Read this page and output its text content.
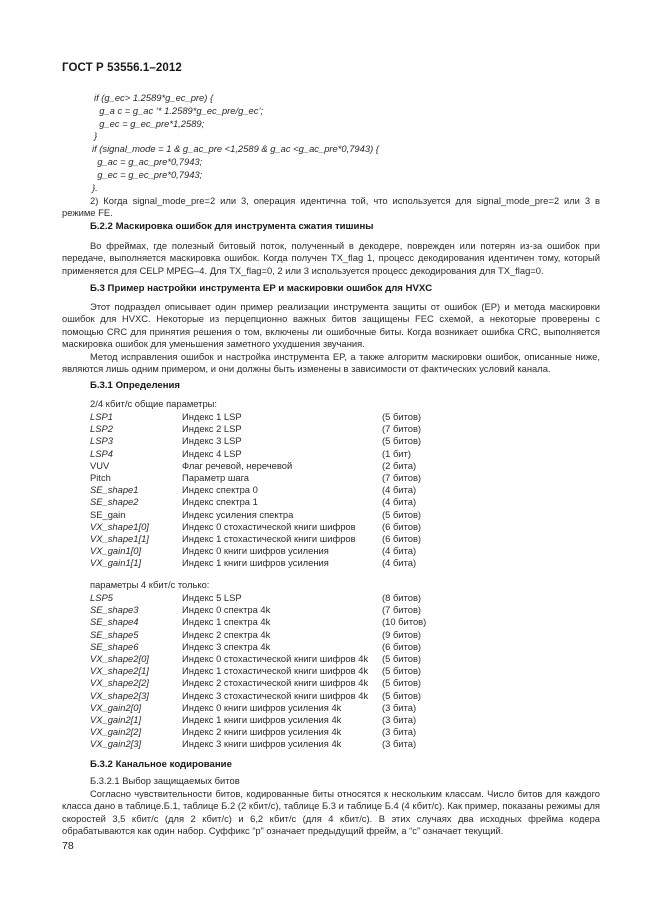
ГОСТ Р 53556.1–2012
if (g_ec> 1.2589*g_ec_pre) {
g_a c = g_ac ‘* 1.2589*g_ec_pre/g_ec’;
g_ec = g_ec_pre*1,2589;
}
if (signal_mode = 1 & g_ac_pre <1,2589 & g_ac <g_ac_pre*0,7943) {
g_ac = g_ac_pre*0,7943;
g_ec = g_ec_pre*0,7943;
}.

2) Когда signal_mode_pre=2 или 3, операция идентична той, что используется для signal_mode_pre=2 или 3 в режиме FE.

Б.2.2 Маскировка ошибок для инструмента сжатия тишины

Во фреймах, где полезный битовый поток, полученный в декодере, поврежден или потерян из-за ошибок при передаче, выполняется маскировка ошибок. Когда получен TX_flag 1, процесс декодирования идентичен тому, который применяется для CELP MPEG–4. Для TX_flag=0, 2 или 3 используется процесс декодирования для TX_flag=0.

Б.3 Пример настройки инструмента EP и маскировки ошибок для HVXC

Этот подраздел описывает один пример реализации инструмента защиты от ошибок (EP) и метода маскировки ошибок для HVXC. Некоторые из перцепционно важных битов защищены FEC схемой, а некоторые проверены с помощью CRC для принятия решения о том, включены ли ошибочные биты. Когда возникает ошибка CRC, выполняется маскировка ошибок для уменьшения заметного ухудшения звучания.

Метод исправления ошибок и настройка инструмента EP, а также алгоритм маскировки ошибок, описанные ниже, являются лишь одним примером, и они должны быть изменены в зависимости от фактических условий канала.

Б.3.1 Определения
2/4 кбит/с общие параметры:
LSP1	Индекс 1 LSP	(5 битов)
LSP2	Индекс 2 LSP	(7 битов)
LSP3	Индекс 3 LSP	(5 битов)
LSP4	Индекс 4 LSP	(1 бит)
VUV	Флаг речевой, неречевой	(2 бита)
Pitch	Параметр шага	(7 битов)
SE_shape1	Индекс спектра 0	(4 бита)
SE_shape2	Индекс спектра 1	(4 бита)
SE_gain	Индекс усиления спектра	(5 битов)
VX_shape1[0]	Индекс 0 стохастической книги шифров	(6 битов)
VX_shape1[1]	Индекс 1 стохастической книги шифров	(6 битов)
VX_gain1[0]	Индекс 0 книги шифров усиления	(4 бита)
VX_gain1[1]	Индекс 1 книги шифров усиления	(4 бита)
параметры 4 кбит/с только:
LSP5	Индекс 5 LSP	(8 битов)
SE_shape3	Индекс 0 спектра 4k	(7 битов)
SE_shape4	Индекс 1 спектра 4k	(10 битов)
SE_shape5	Индекс 2 спектра 4k	(9 битов)
SE_shape6	Индекс 3 спектра 4k	(6 битов)
VX_shape2[0]	Индекс 0 стохастической книги шифров 4k	(5 битов)
VX_shape2[1]	Индекс 1 стохастической книги шифров 4k	(5 битов)
VX_shape2[2]	Индекс 2 стохастической книги шифров 4k	(5 битов)
VX_shape2[3]	Индекс 3 стохастической книги шифров 4k	(5 битов)
VX_gain2[0]	Индекс 0 книги шифров усиления 4k	(3 бита)
VX_gain2[1]	Индекс 1 книги шифров усиления 4k	(3 бита)
VX_gain2[2]	Индекс 2 книги шифров усиления 4k	(3 бита)
VX_gain2[3]	Индекс 3 книги шифров усиления 4k	(3 бита)
Б.3.2 Канальное кодирование
Б.3.2.1 Выбор защищаемых битов

Согласно чувствительности битов, кодированные биты относятся к нескольким классам. Число битов для каждого класса дано в таблице.Б.1, таблице Б.2 (2 кбит/с), таблице Б.3 и таблице Б.4 (4 кбит/с). Как пример, показаны режимы для скоростей 3,5 кбит/с (для 2 кбит/с) и 6,2 кбит/с (для 4 кбит/с). В этих случаях два исходных фрейма кодера обрабатываются как один набор. Суффикс “p” означает предыдущий фрейм, а “c” означает текущий.

78
